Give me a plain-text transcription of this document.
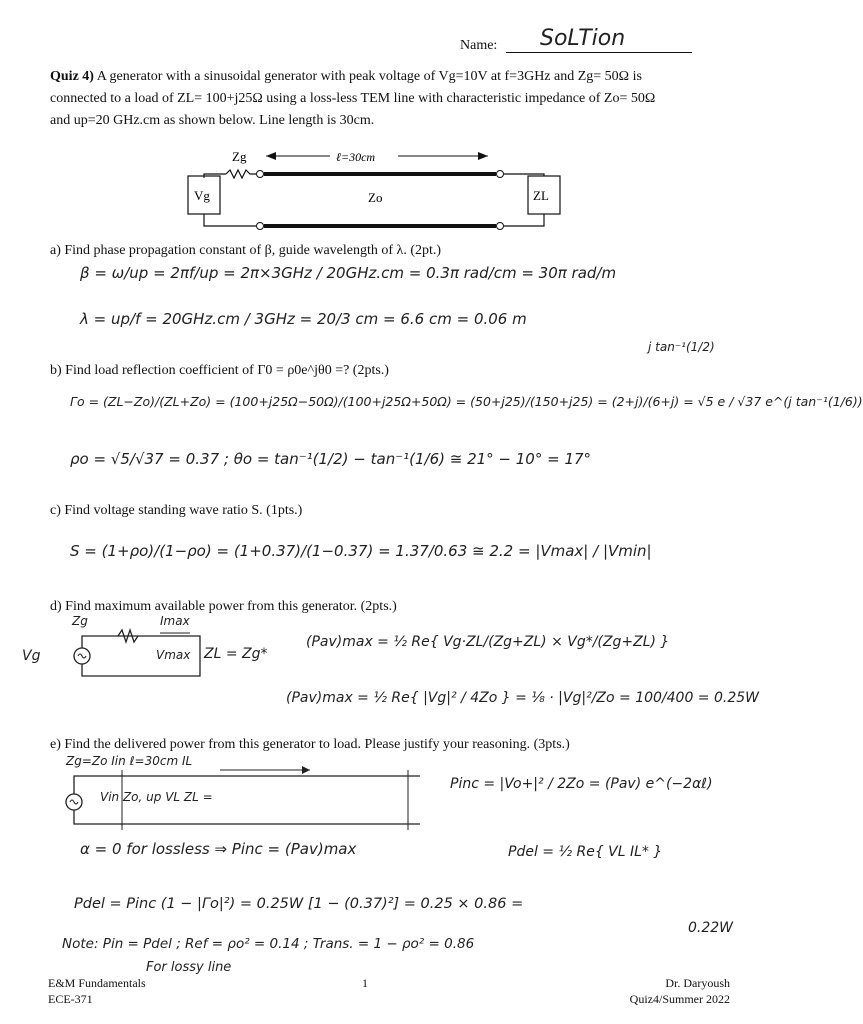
Name: SoLTion
Quiz 4) A generator with a sinusoidal generator with peak voltage of Vg=10V at f=3GHz and Zg= 50Ω is
connected to a load of ZL= 100+j25Ω using a loss-less TEM line with characteristic impedance of Zo= 50Ω
and up=20 GHz.cm as shown below. Line length is 30cm.
Zg	ℓ=30cm
Zo
Vg	ZL
a) Find phase propagation constant of β, guide wavelength of λ. (2pt.)
β = ω/up = 2πf/up = 2π×3GHz / 20GHz.cm = 0.3π rad/cm = 30π rad/m
λ = up/f = 20GHz.cm / 3GHz = 20/3 cm = 6.6 cm = 0.06 m
j tan⁻¹(1/2)
b) Find load reflection coefficient of Γ0 = ρ0e^jθ0 =? (2pts.)
Γo = (ZL−Zo)/(ZL+Zo) = (100+j25Ω−50Ω)/(100+j25Ω+50Ω) = (50+j25)/(150+j25) = (2+j)/(6+j) = √5 e / √37 e^(j tan⁻¹(1/6))
ρo = √5/√37 = 0.37 ; θo = tan⁻¹(1/2) − tan⁻¹(1/6) ≅ 21° − 10° = 17°
c) Find voltage standing wave ratio S. (1pts.)
S = (1+ρo)/(1−ρo) = (1+0.37)/(1−0.37) = 1.37/0.63 ≅ 2.2 = |Vmax| / |Vmin|
d) Find maximum available power from this generator. (2pts.)
Zg	Imax
Vg	Vmax ZL = Zg*
(Pav)max = ½ Re{ Vg·ZL/(Zg+ZL) × Vg*/(Zg+ZL) }
(Pav)max = ½ Re{ |Vg|² / 4Zo } = ⅛ · |Vg|²/Zo = 100/400 = 0.25W
e) Find the delivered power from this generator to load. Please justify your reasoning. (3pts.)
Zg=Zo Iin ℓ=30cm IL
Vin Zo, up VL ZL =
Pinc = |Vo+|² / 2Zo = (Pav) e^(−2αℓ)
α = 0 for lossless ⇒ Pinc = (Pav)max	Pdel = ½ Re{ VL IL* }
Pdel = Pinc (1 − |Γo|²) = 0.25W [1 − (0.37)²] = 0.25 × 0.86 =
0.22W
Note: Pin = Pdel ; Ref = ρo² = 0.14 ; Trans. = 1 − ρo² = 0.86
For lossy line
E&M Fundamentals
ECE-371
1	Dr. Daryoush
Quiz4/Summer 2022
